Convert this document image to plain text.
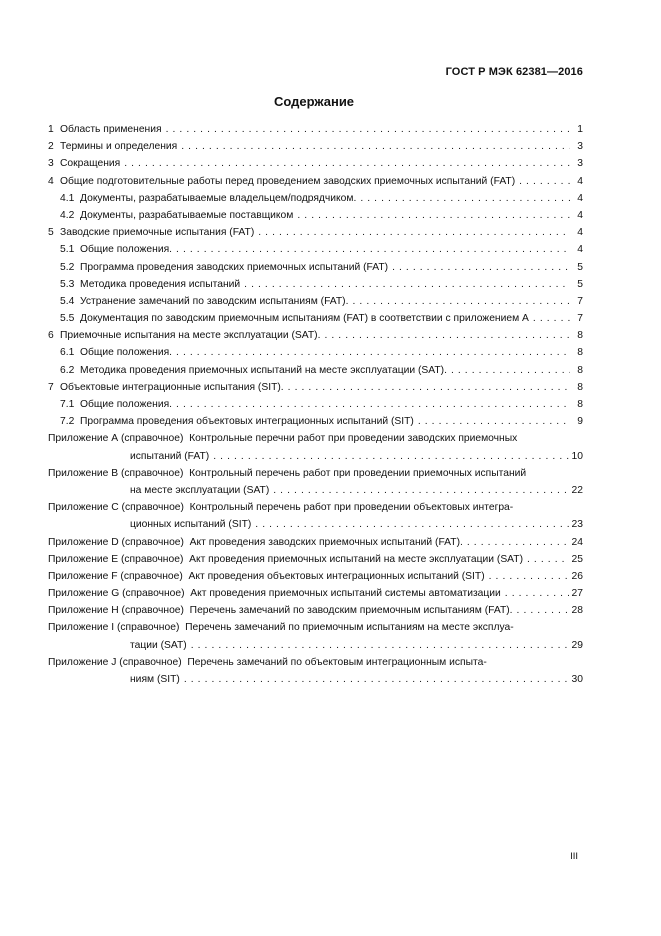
ГОСТ Р МЭК 62381—2016
Содержание
1 Область применения . . .	1
2 Термины и определения . . .	3
3 Сокращения . . .	3
4 Общие подготовительные работы перед проведением заводских приемочных испытаний (FAT) . . .	4
4.1 Документы, разрабатываемые владельцем/подрядчиком. . . .	4
4.2 Документы, разрабатываемые поставщиком . . .	4
5 Заводские приемочные испытания (FAT) . . .	4
5.1 Общие положения. . . .	4
5.2 Программа проведения заводских приемочных испытаний (FAT) . . .	5
5.3 Методика проведения испытаний . . .	5
5.4 Устранение замечаний по заводским испытаниям (FAT). . . .	7
5.5 Документация по заводским приемочным испытаниям (FAT) в соответствии с приложением А . . .	7
6 Приемочные испытания на месте эксплуатации (SAT). . . .	8
6.1 Общие положения. . . .	8
6.2 Методика проведения приемочных испытаний на месте эксплуатации (SAT). . . .	8
7 Объектовые интеграционные испытания (SIT). . . .	8
7.1 Общие положения. . . .	8
7.2 Программа проведения объектовых интеграционных испытаний (SIT) . . .	9
Приложение А (справочное) Контрольные перечни работ при проведении заводских приемочных
испытаний (FAT) . . .	10
Приложение B (справочное) Контрольный перечень работ при проведении приемочных испытаний
на месте эксплуатации (SAT) . . .	22
Приложение C (справочное) Контрольный перечень работ при проведении объектовых интегра-
ционных испытаний (SIT) . . .	23
Приложение D (справочное) Акт проведения заводских приемочных испытаний (FAT). . . .	24
Приложение E (справочное) Акт проведения приемочных испытаний на месте эксплуатации (SAT) . . .	25
Приложение F (справочное) Акт проведения объектовых интеграционных испытаний (SIT) . . .	26
Приложение G (справочное) Акт проведения приемочных испытаний системы автоматизации . . .	27
Приложение H (справочное) Перечень замечаний по заводским приемочным испытаниям (FAT). . . .	28
Приложение I (справочное) Перечень замечаний по приемочным испытаниям на месте эксплуа-
тации (SAT) . . .	29
Приложение J (справочное) Перечень замечаний по объектовым интеграционным испыта-
ниям (SIT) . . .	30
III
